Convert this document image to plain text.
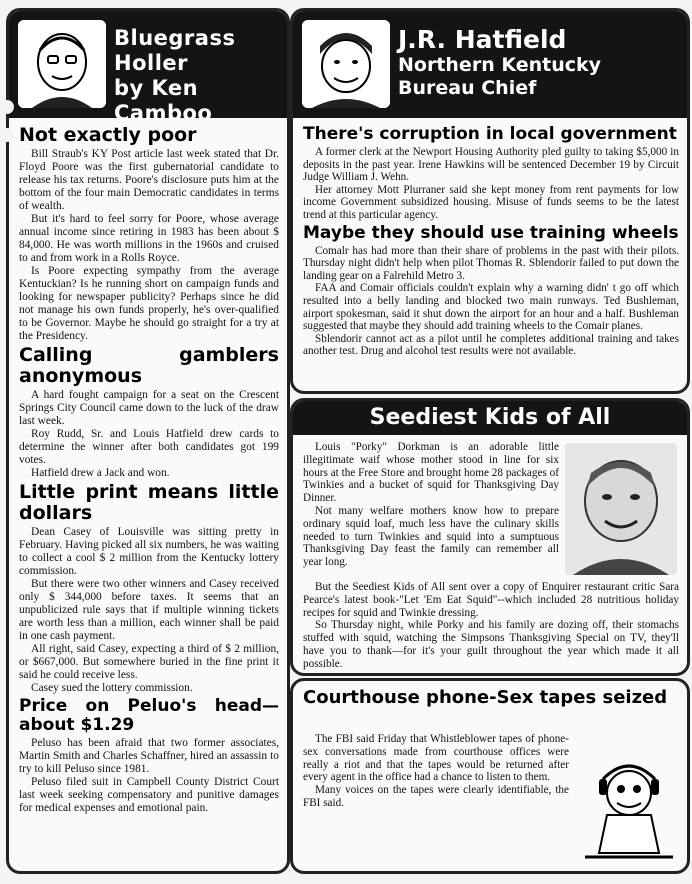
Bluegrass
Holler
by Ken Camboo
Not exactly poor

Bill Straub's KY Post article last week stated that Dr. Floyd Poore was the first gubernatorial candidate to release his tax returns. Poore's disclosure puts him at the bottom of the four main Democratic candidates in terms of wealth.

But it's hard to feel sorry for Poore, whose average annual income since retiring in 1983 has been about $ 84,000. He was worth millions in the 1960s and cruised to and from work in a Rolls Royce.

Is Poore expecting sympathy from the average Kentuckian? Is he running short on campaign funds and looking for newspaper publicity? Perhaps since he did not manage his own funds properly, he's over-qualified to be Governor. Maybe he should go straight for a try at the Presidency.

Calling gamblers anonymous

A hard fought campaign for a seat on the Crescent Springs City Council came down to the luck of the draw last week.

Roy Rudd, Sr. and Louis Hatfield drew cards to determine the winner after both candidates got 199 votes.

Hatfield drew a Jack and won.

Little print means little dollars

Dean Casey of Louisville was sitting pretty in February. Having picked all six numbers, he was waiting to collect a cool $ 2 million from the Kentucky lottery commission.

But there were two other winners and Casey received only $ 344,000 before taxes. It seems that an unpublicized rule says that if multiple winning tickets are worth less than a million, each winner shall be paid in one cash payment.

All right, said Casey, expecting a third of $ 2 million, or $667,000. But somewhere buried in the fine print it said he could receive less.

Casey sued the lottery commission.

Price on Peluo's head— about $1.29

Peluso has been afraid that two former associates, Martin Smith and Charles Schaffner, hired an assassin to try to kill Peluso since 1981.

Peluso filed suit in Campbell County District Court last week seeking compensatory and punitive damages for medical expenses and emotional pain.

J.R. Hatfield
Northern Kentucky
Bureau Chief
There's corruption in local government

A former clerk at the Newport Housing Authority pled guilty to taking $5,000 in deposits in the past year. Irene Hawkins will be sentenced December 19 by Circuit Judge William J. Wehn.

Her attorney Mott Plurraner said she kept money from rent payments for low income Government subsidized housing. Misuse of funds seems to be the latest trend at this particular agency.

Maybe they should use training wheels

Comalr has had more than their share of problems in the past with their pilots. Thursday night didn't help when pilot Thomas R. Sblendorir failed to put down the landing gear on a Falrehild Metro 3.

FAA and Comair officials couldn't explain why a warning didn' t go off which resulted into a belly landing and blocked two main runways. Ted Bushleman, airport spokesman, said it shut down the airport for an hour and a half. Bushleman suggested that maybe they should add training wheels to the Comair planes.

Sblendorir cannot act as a pilot until he completes additional training and takes another test. Drug and alcohol test results were not available.

Seediest Kids of All

Louis "Porky" Dorkman is an adorable little illegitimate waif whose mother stood in line for six hours at the Free Store and brought home 28 packages of Twinkies and a bucket of squid for Thanksgiving Day Dinner.

Not many welfare mothers know how to prepare ordinary squid loaf, much less have the culinary skills needed to turn Twinkies and squid into a sumptuous Thanksgiving Day feast the family can remember all year long.

But the Seediest Kids of All sent over a copy of Enquirer restaurant critic Sara Pearce's latest book-"Let 'Em Eat Squid"--which included 28 nutritious holiday recipes for squid and Twinkie dressing.

So Thursday night, while Porky and his family are dozing off, their stomachs stuffed with squid, watching the Simpsons Thanksgiving Special on TV, they'll have you to thank—for it's your guilt throughout the year which made it all possible.

Courthouse phone-Sex tapes seized

The FBI said Friday that Whistleblower tapes of phone-sex conversations made from courthouse offices were really a riot and that the tapes would be returned after every agent in the office had a chance to listen to them.

Many voices on the tapes were clearly identifiable, the FBI said.
